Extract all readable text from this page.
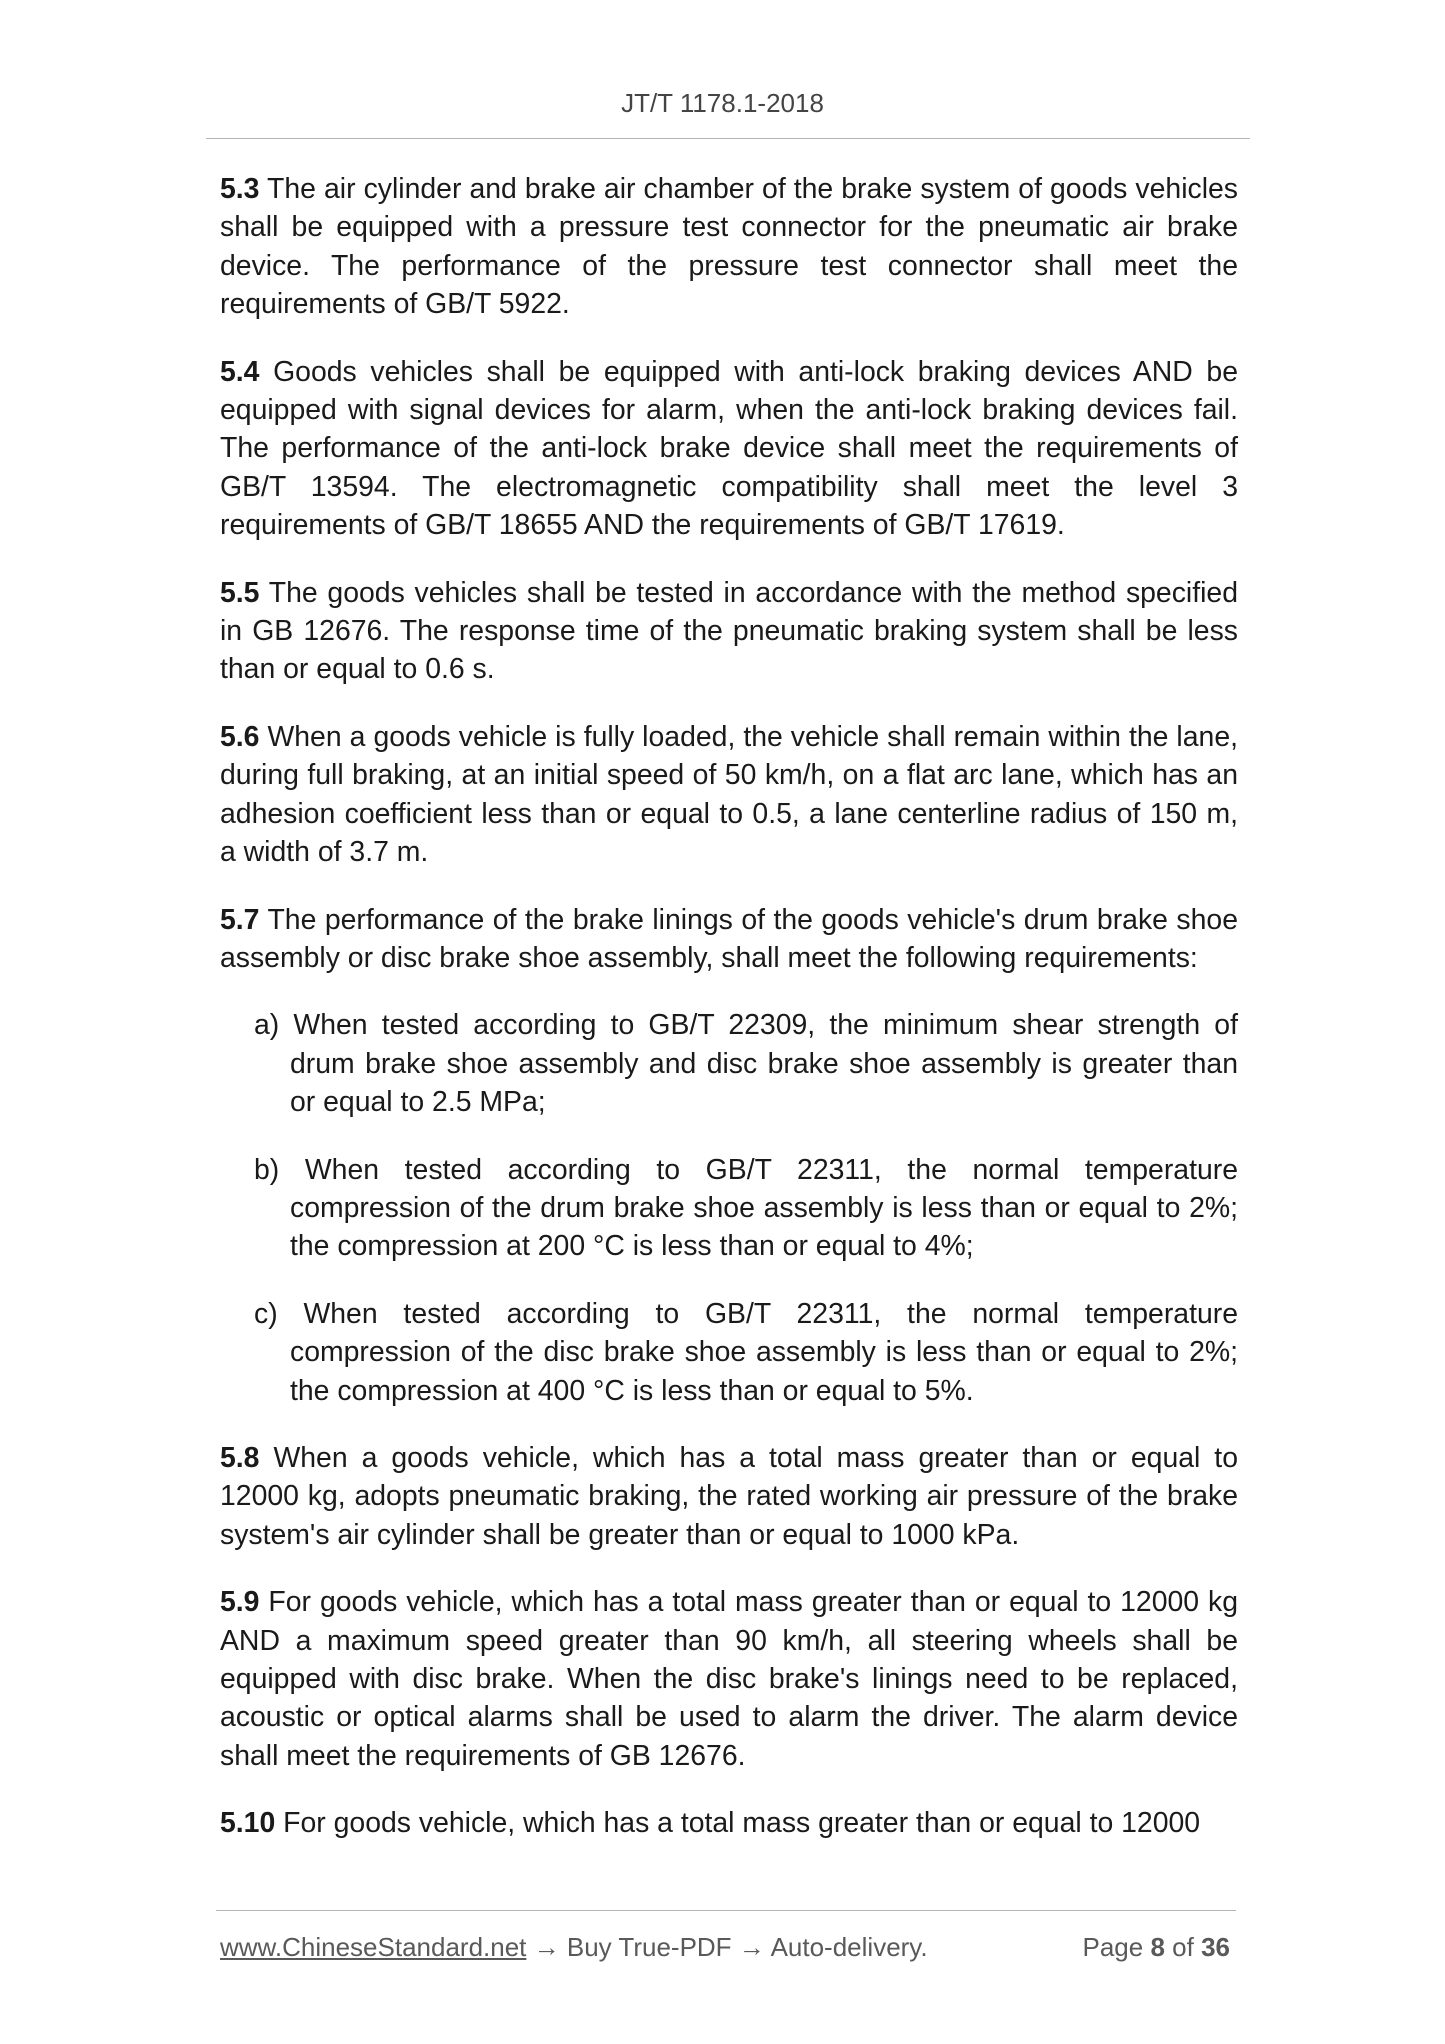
JT/T 1178.1-2018

5.3 The air cylinder and brake air chamber of the brake system of goods vehicles shall be equipped with a pressure test connector for the pneumatic air brake device. The performance of the pressure test connector shall meet the requirements of GB/T 5922.

5.4 Goods vehicles shall be equipped with anti-lock braking devices AND be equipped with signal devices for alarm, when the anti-lock braking devices fail. The performance of the anti-lock brake device shall meet the requirements of GB/T 13594. The electromagnetic compatibility shall meet the level 3 requirements of GB/T 18655 AND the requirements of GB/T 17619.

5.5 The goods vehicles shall be tested in accordance with the method specified in GB 12676. The response time of the pneumatic braking system shall be less than or equal to 0.6 s.

5.6 When a goods vehicle is fully loaded, the vehicle shall remain within the lane, during full braking, at an initial speed of 50 km/h, on a flat arc lane, which has an adhesion coefficient less than or equal to 0.5, a lane centerline radius of 150 m, a width of 3.7 m.

5.7 The performance of the brake linings of the goods vehicle's drum brake shoe assembly or disc brake shoe assembly, shall meet the following requirements:

a) When tested according to GB/T 22309, the minimum shear strength of drum brake shoe assembly and disc brake shoe assembly is greater than or equal to 2.5 MPa;

b) When tested according to GB/T 22311, the normal temperature compression of the drum brake shoe assembly is less than or equal to 2%; the compression at 200 °C is less than or equal to 4%;

c) When tested according to GB/T 22311, the normal temperature compression of the disc brake shoe assembly is less than or equal to 2%; the compression at 400 °C is less than or equal to 5%.

5.8 When a goods vehicle, which has a total mass greater than or equal to 12000 kg, adopts pneumatic braking, the rated working air pressure of the brake system's air cylinder shall be greater than or equal to 1000 kPa.

5.9 For goods vehicle, which has a total mass greater than or equal to 12000 kg AND a maximum speed greater than 90 km/h, all steering wheels shall be equipped with disc brake. When the disc brake's linings need to be replaced, acoustic or optical alarms shall be used to alarm the driver. The alarm device shall meet the requirements of GB 12676.

5.10 For goods vehicle, which has a total mass greater than or equal to 12000

www.ChineseStandard.net → Buy True-PDF → Auto-delivery.	Page 8 of 36
